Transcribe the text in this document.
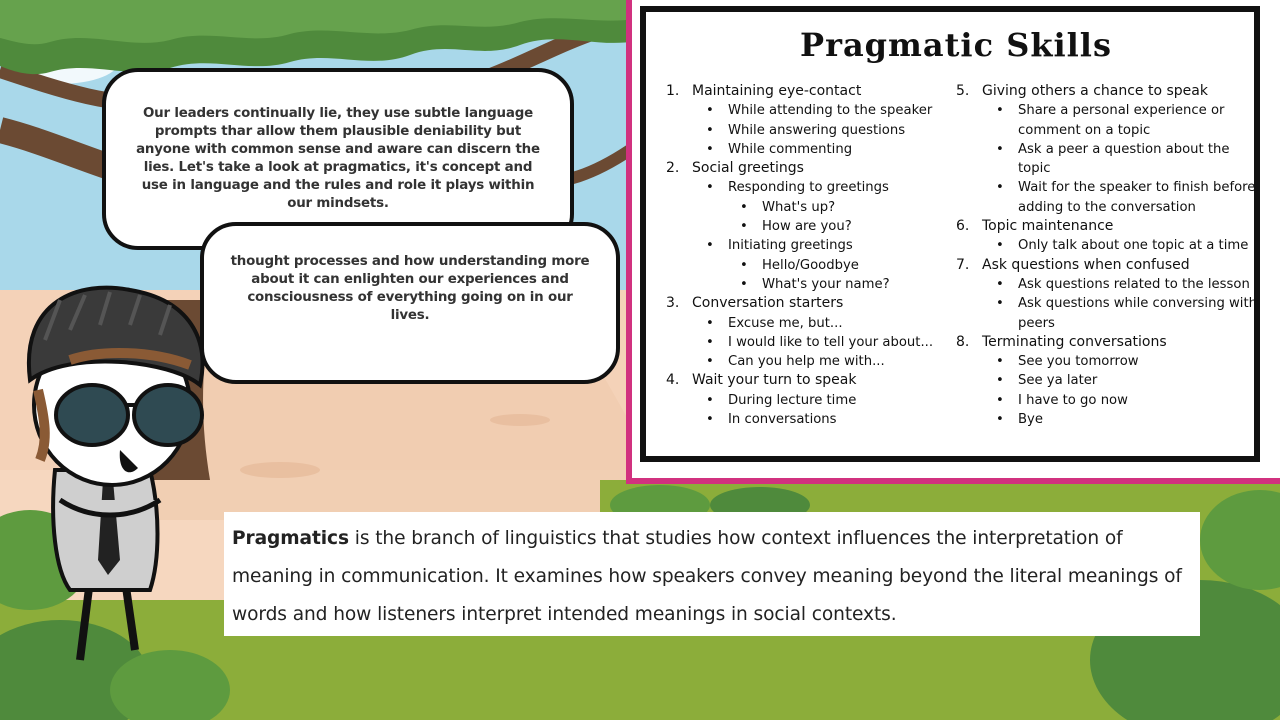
Our leaders continually lie, they use subtle language prompts thar allow them plausible deniability but anyone with common sense and aware can discern the lies. Let's take a look at pragmatics, it's concept and use in language and the rules and role it plays within our mindsets.
thought processes and how understanding more about it can enlighten our experiences and consciousness of everything going on in our lives.
Pragmatic Skills
1. Maintaining eye-contact
• While attending to the speaker
• While answering questions
• While commenting
2. Social greetings
• Responding to greetings
• What's up?
• How are you?
• Initiating greetings
• Hello/Goodbye
• What's your name?
3. Conversation starters
• Excuse me, but...
• I would like to tell your about...
• Can you help me with...
4. Wait your turn to speak
• During lecture time
• In conversations
5. Giving others a chance to speak
• Share a personal experience or
comment on a topic
• Ask a peer a question about the
topic
• Wait for the speaker to finish before
adding to the conversation
6. Topic maintenance
• Only talk about one topic at a time
7. Ask questions when confused
• Ask questions related to the lesson
• Ask questions while conversing with
peers
8. Terminating conversations
• See you tomorrow
• See ya later
• I have to go now
• Bye
Pragmatics is the branch of linguistics that studies how context influences the interpretation of meaning in communication. It examines how speakers convey meaning beyond the literal meanings of words and how listeners interpret intended meanings in social contexts.
